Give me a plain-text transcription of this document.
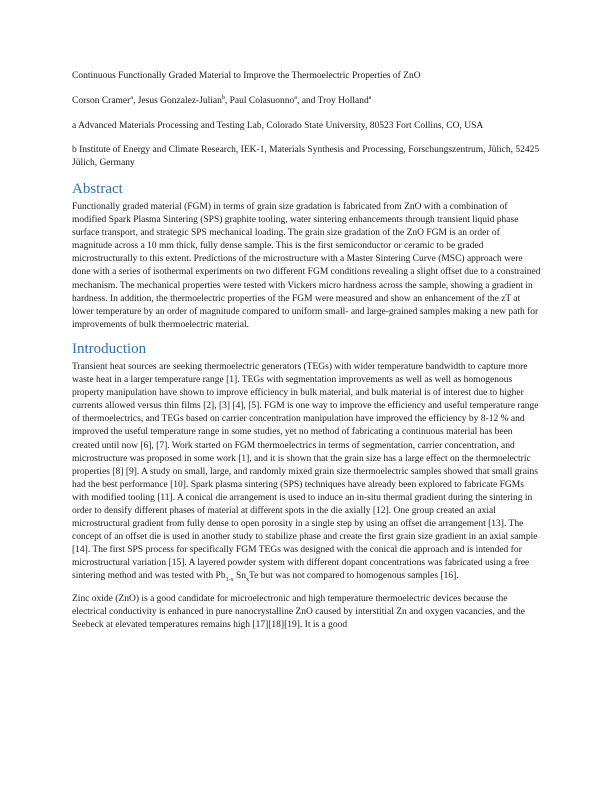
Continuous Functionally Graded Material to Improve the Thermoelectric Properties of ZnO

Corson Cramer$^a$, Jesus Gonzalez-Julian$^b$, Paul Colasuonno$^a$, and Troy Holland$^a$

a Advanced Materials Processing and Testing Lab, Colorado State University, 80523 Fort Collins, CO, USA

b Institute of Energy and Climate Research, IEK-1, Materials Synthesis and Processing, Forschungszentrum, Jülich, 52425 Jülich, Germany

Abstract

Functionally graded material (FGM) in terms of grain size gradation is fabricated from ZnO with a combination of modified Spark Plasma Sintering (SPS) graphite tooling, water sintering enhancements through transient liquid phase surface transport, and strategic SPS mechanical loading. The grain size gradation of the ZnO FGM is an order of magnitude across a 10 mm thick, fully dense sample. This is the first semiconductor or ceramic to be graded microstructurally to this extent. Predictions of the microstructure with a Master Sintering Curve (MSC) approach were done with a series of isothermal experiments on two different FGM conditions revealing a slight offset due to a constrained mechanism. The mechanical properties were tested with Vickers micro hardness across the sample, showing a gradient in hardness. In addition, the thermoelectric properties of the FGM were measured and show an enhancement of the zT at lower temperature by an order of magnitude compared to uniform small- and large-grained samples making a new path for improvements of bulk thermoelectric material.

Introduction

Transient heat sources are seeking thermoelectric generators (TEGs) with wider temperature bandwidth to capture more waste heat in a larger temperature range [1]. TEGs with segmentation improvements as well as well as homogenous property manipulation have shown to improve efficiency in bulk material, and bulk material is of interest due to higher currents allowed versus thin films [2], [3] [4], [5]. FGM is one way to improve the efficiency and useful temperature range of thermoelectrics, and TEGs based on carrier concentration manipulation have improved the efficiency by 8-12 % and improved the useful temperature range in some studies, yet no method of fabricating a continuous material has been created until now [6], [7]. Work started on FGM thermoelectrics in terms of segmentation, carrier concentration, and microstructure was proposed in some work [1], and it is shown that the grain size has a large effect on the thermoelectric properties [8] [9]. A study on small, large, and randomly mixed grain size thermoelectric samples showed that small grains had the best performance [10]. Spark plasma sintering (SPS) techniques have already been explored to fabricate FGMs with modified tooling [11]. A conical die arrangement is used to induce an in-situ thermal gradient during the sintering in order to densify different phases of material at different spots in the die axially [12]. One group created an axial microstructural gradient from fully dense to open porosity in a single step by using an offset die arrangement [13]. The concept of an offset die is used in another study to stabilize phase and create the first grain size gradient in an axial sample [14]. The first SPS process for specifically FGM TEGs was designed with the conical die approach and is intended for microstructural variation [15]. A layered powder system with different dopant concentrations was fabricated using a free sintering method and was tested with $Pb_{1-x}$ $Sn_xTe$ but was not compared to homogenous samples [16].

Zinc oxide (ZnO) is a good candidate for microelectronic and high temperature thermoelectric devices because the electrical conductivity is enhanced in pure nanocrystalline ZnO caused by interstitial Zn and oxygen vacancies, and the Seebeck at elevated temperatures remains high [17][18][19]. It is a good
